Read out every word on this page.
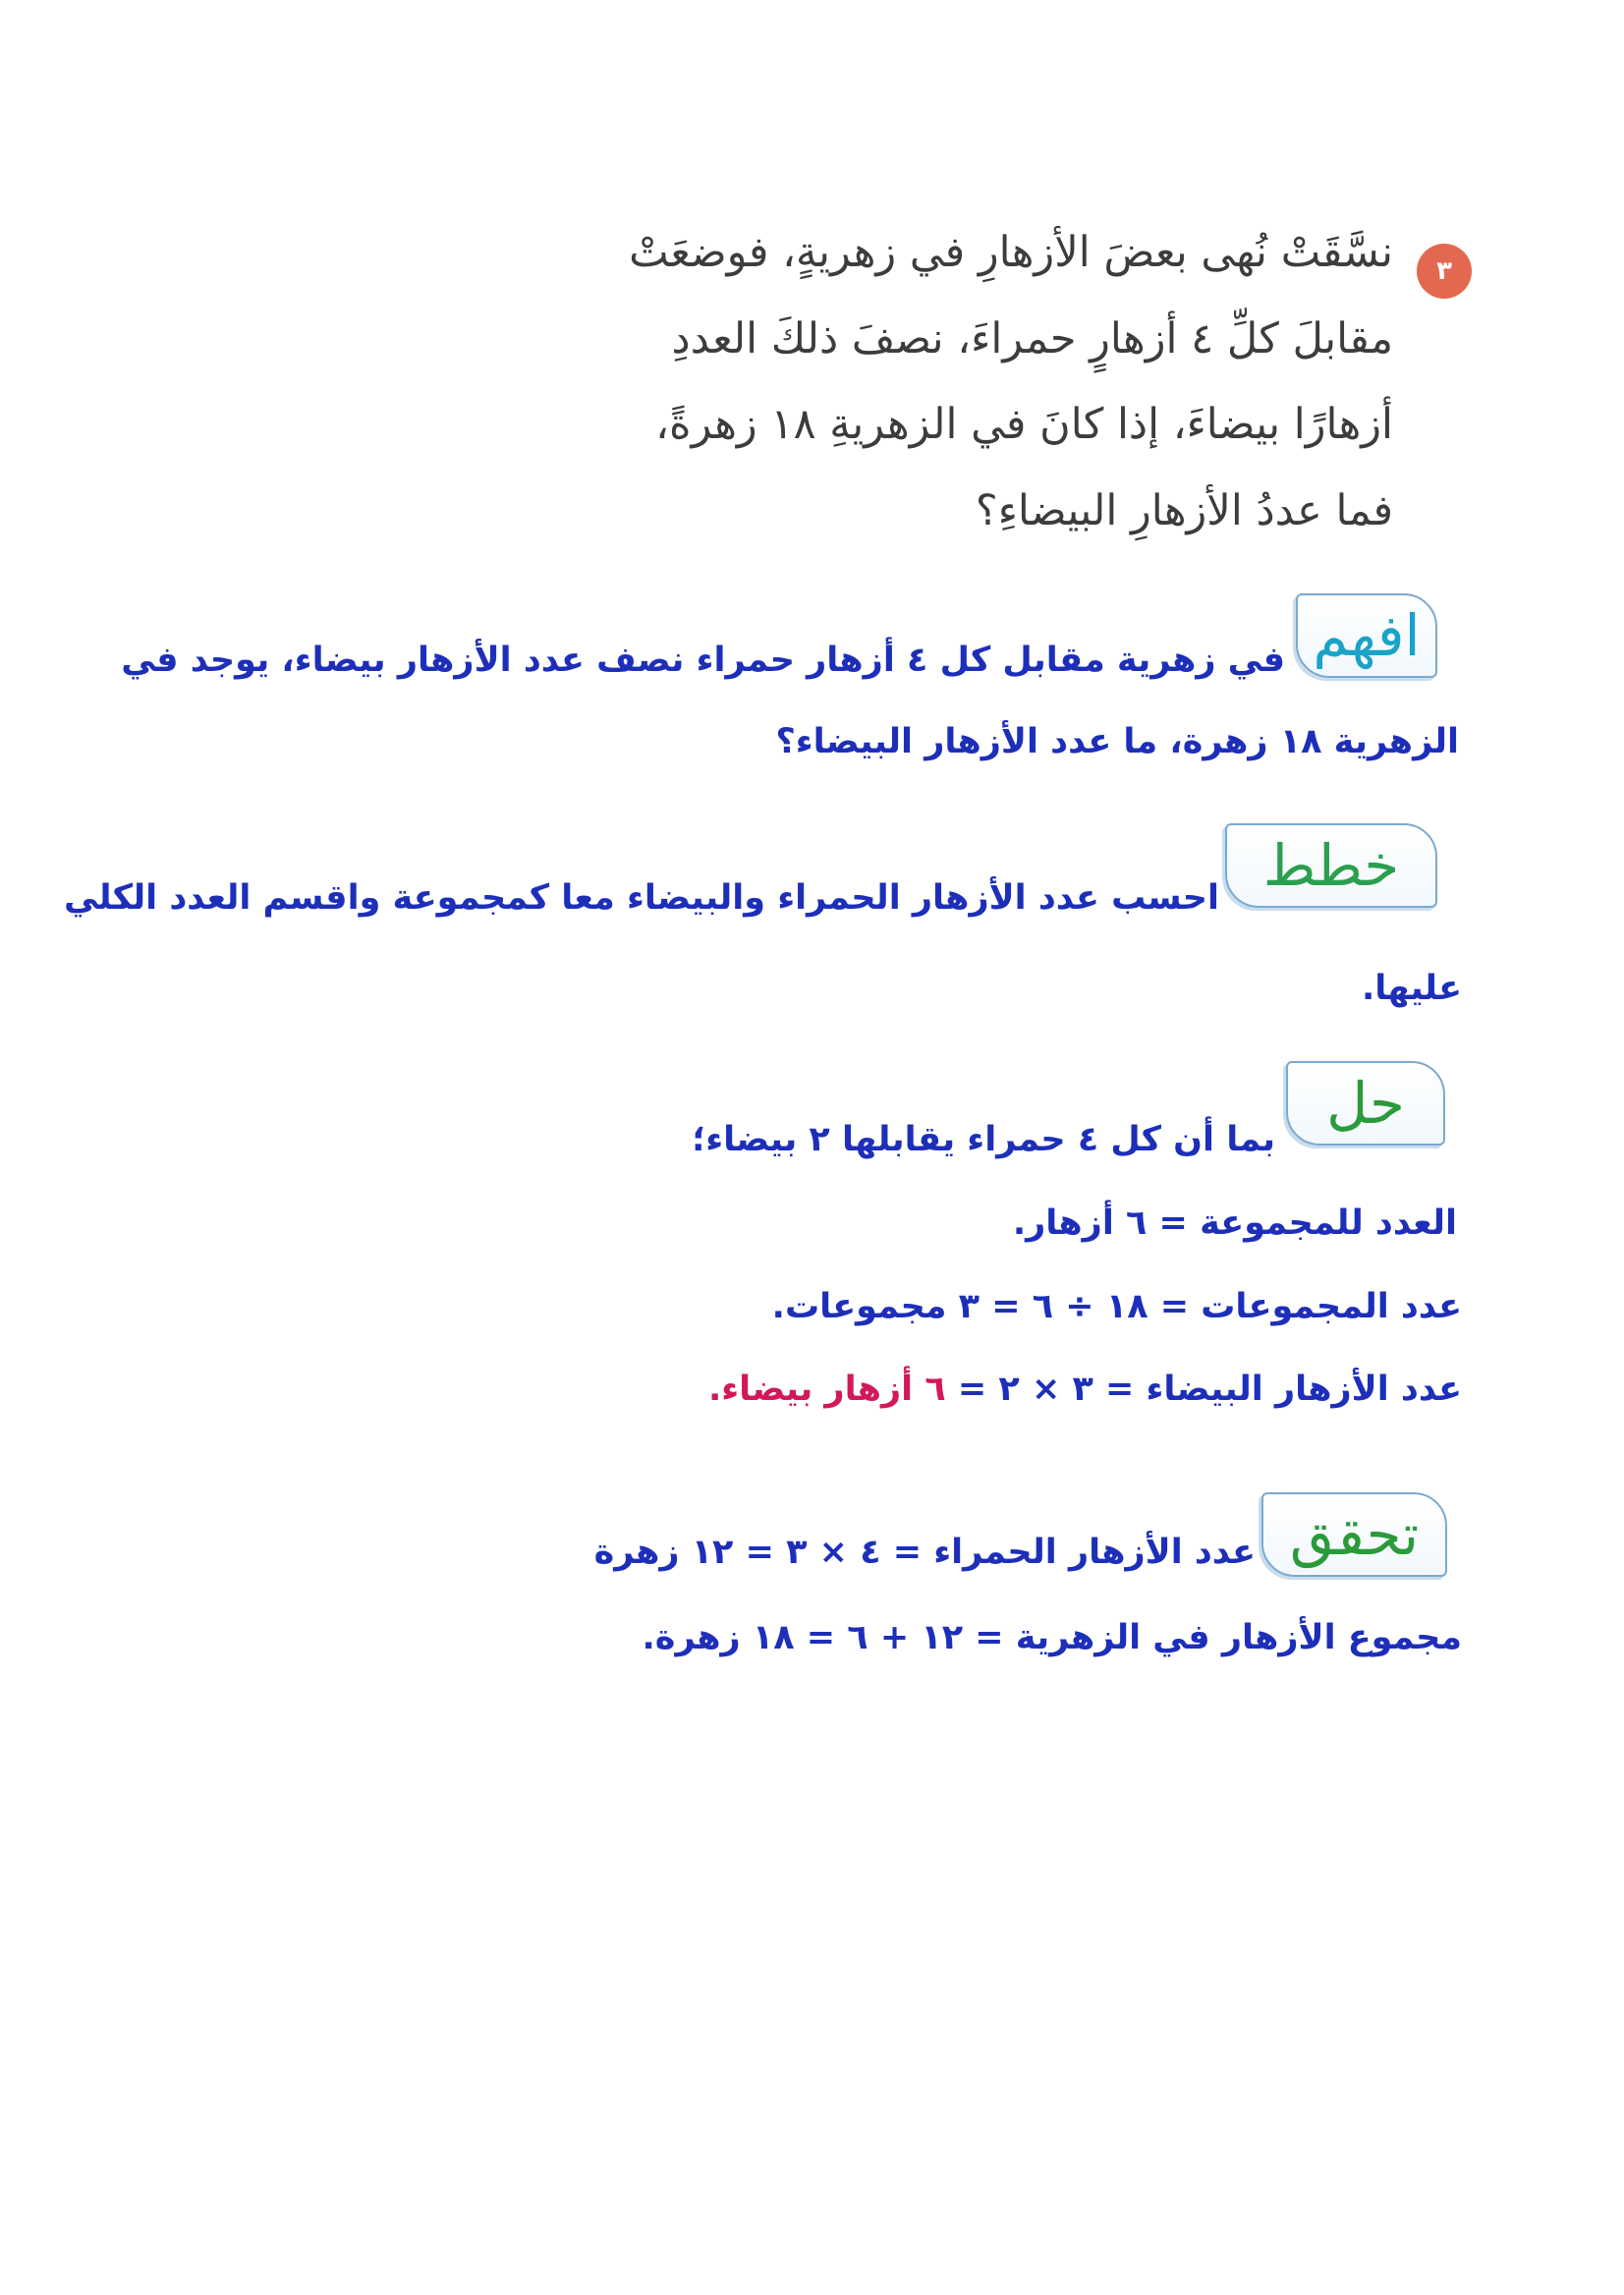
٣
نسَّقَتْ نُهى بعضَ الأزهارِ في زهريةٍ، فوضعَتْ
مقابلَ كلِّ ٤ أزهارٍ حمراءَ، نصفَ ذلكَ العددِ
أزهارًا بيضاءَ، إذا كانَ في الزهريةِ ١٨ زهرةً،
فما عددُ الأزهارِ البيضاءِ؟
افهم
في زهرية مقابل كل ٤ أزهار حمراء نصف عدد الأزهار بيضاء، يوجد في
الزهرية ١٨ زهرة، ما عدد الأزهار البيضاء؟
خطط
احسب عدد الأزهار الحمراء والبيضاء معا كمجموعة واقسم العدد الكلي
عليها.
حل
بما أن كل ٤ حمراء يقابلها ٢ بيضاء؛
العدد للمجموعة = ٦ أزهار.
عدد المجموعات = ١٨ ÷ ٦ = ٣ مجموعات.
عدد الأزهار البيضاء = ٣ × ٢ = ٦ أزهار بيضاء.
تحقق
عدد الأزهار الحمراء = ٤ × ٣ = ١٢ زهرة
مجموع الأزهار في الزهرية = ١٢ + ٦ = ١٨ زهرة.
